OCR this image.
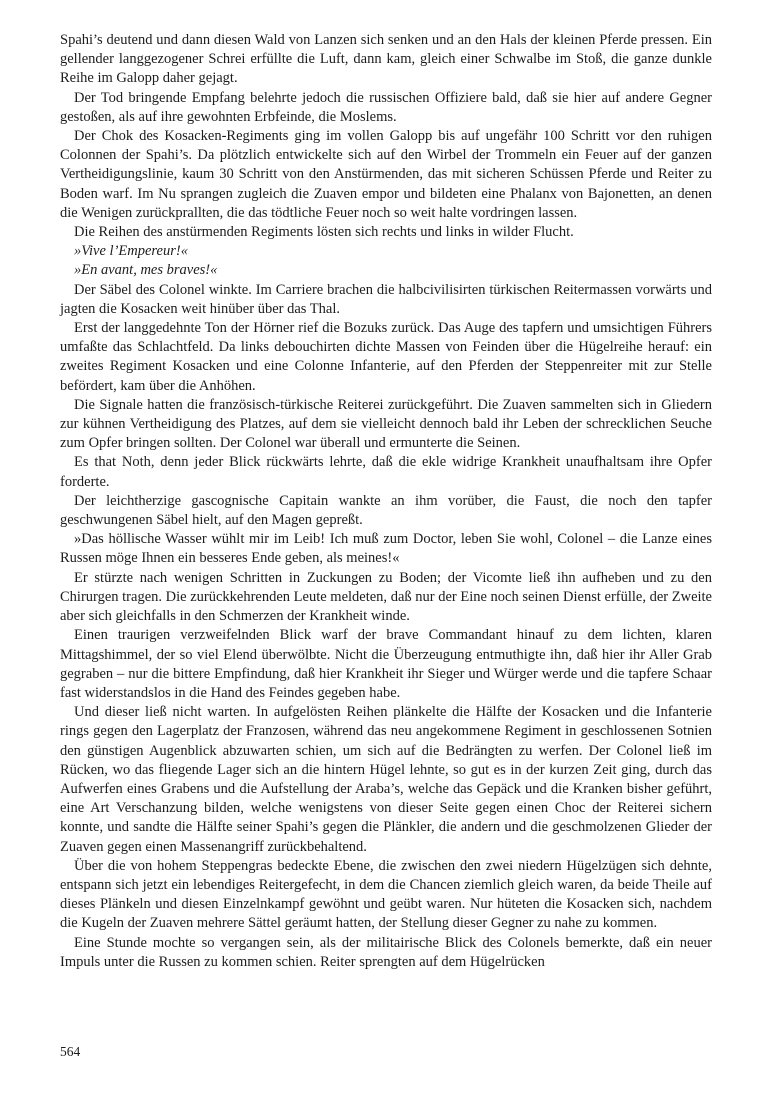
Spahi’s deutend und dann diesen Wald von Lanzen sich senken und an den Hals der kleinen Pferde pressen. Ein gellender langgezogener Schrei erfüllte die Luft, dann kam, gleich einer Schwalbe im Stoß, die ganze dunkle Reihe im Galopp daher gejagt.

Der Tod bringende Empfang belehrte jedoch die russischen Offiziere bald, daß sie hier auf andere Gegner gestoßen, als auf ihre gewohnten Erbfeinde, die Moslems.

Der Chok des Kosacken-Regiments ging im vollen Galopp bis auf ungefähr 100 Schritt vor den ruhigen Colonnen der Spahi’s. Da plötzlich entwickelte sich auf den Wirbel der Trommeln ein Feuer auf der ganzen Vertheidigungslinie, kaum 30 Schritt von den Anstürmenden, das mit sicheren Schüssen Pferde und Reiter zu Boden warf. Im Nu sprangen zugleich die Zuaven empor und bildeten eine Phalanx von Bajonetten, an denen die Wenigen zurückprallten, die das tödtliche Feuer noch so weit halte vordringen lassen.

Die Reihen des anstürmenden Regiments lösten sich rechts und links in wilder Flucht.

»Vive l’Empereur!«

»En avant, mes braves!«

Der Säbel des Colonel winkte. Im Carriere brachen die halbcivilisirten türkischen Reitermassen vorwärts und jagten die Kosacken weit hinüber über das Thal.

Erst der langgedehnte Ton der Hörner rief die Bozuks zurück. Das Auge des tapfern und umsichtigen Führers umfaßte das Schlachtfeld. Da links debouchirten dichte Massen von Feinden über die Hügelreihe herauf: ein zweites Regiment Kosacken und eine Colonne Infanterie, auf den Pferden der Steppenreiter mit zur Stelle befördert, kam über die Anhöhen.

Die Signale hatten die französisch-türkische Reiterei zurückgeführt. Die Zuaven sammelten sich in Gliedern zur kühnen Vertheidigung des Platzes, auf dem sie vielleicht dennoch bald ihr Leben der schrecklichen Seuche zum Opfer bringen sollten. Der Colonel war überall und ermunterte die Seinen.

Es that Noth, denn jeder Blick rückwärts lehrte, daß die ekle widrige Krankheit unaufhaltsam ihre Opfer forderte.

Der leichtherzige gascognische Capitain wankte an ihm vorüber, die Faust, die noch den tapfer geschwungenen Säbel hielt, auf den Magen gepreßt.

»Das höllische Wasser wühlt mir im Leib! Ich muß zum Doctor, leben Sie wohl, Colonel – die Lanze eines Russen möge Ihnen ein besseres Ende geben, als meines!«

Er stürzte nach wenigen Schritten in Zuckungen zu Boden; der Vicomte ließ ihn aufheben und zu den Chirurgen tragen. Die zurückkehrenden Leute meldeten, daß nur der Eine noch seinen Dienst erfülle, der Zweite aber sich gleichfalls in den Schmerzen der Krankheit winde.

Einen traurigen verzweifelnden Blick warf der brave Commandant hinauf zu dem lichten, klaren Mittagshimmel, der so viel Elend überwölbte. Nicht die Überzeugung entmuthigte ihn, daß hier ihr Aller Grab gegraben – nur die bittere Empfindung, daß hier Krankheit ihr Sieger und Würger werde und die tapfere Schaar fast widerstandslos in die Hand des Feindes gegeben habe.

Und dieser ließ nicht warten. In aufgelösten Reihen plänkelte die Hälfte der Kosacken und die Infanterie rings gegen den Lagerplatz der Franzosen, während das neu angekommene Regiment in geschlossenen Sotnien den günstigen Augenblick abzuwarten schien, um sich auf die Bedrängten zu werfen. Der Colonel ließ im Rücken, wo das fliegende Lager sich an die hintern Hügel lehnte, so gut es in der kurzen Zeit ging, durch das Aufwerfen eines Grabens und die Aufstellung der Araba’s, welche das Gepäck und die Kranken bisher geführt, eine Art Verschanzung bilden, welche wenigstens von dieser Seite gegen einen Choc der Reiterei sichern konnte, und sandte die Hälfte seiner Spahi’s gegen die Plänkler, die andern und die geschmolzenen Glieder der Zuaven gegen einen Massenangriff zurückbehaltend.

Über die von hohem Steppengras bedeckte Ebene, die zwischen den zwei niedern Hügelzügen sich dehnte, entspann sich jetzt ein lebendiges Reitergefecht, in dem die Chancen ziemlich gleich waren, da beide Theile auf dieses Plänkeln und diesen Einzelnkampf gewöhnt und geübt waren. Nur hüteten die Kosacken sich, nachdem die Kugeln der Zuaven mehrere Sättel geräumt hatten, der Stellung dieser Gegner zu nahe zu kommen.

Eine Stunde mochte so vergangen sein, als der militairische Blick des Colonels bemerkte, daß ein neuer Impuls unter die Russen zu kommen schien. Reiter sprengten auf dem Hügelrücken

564
